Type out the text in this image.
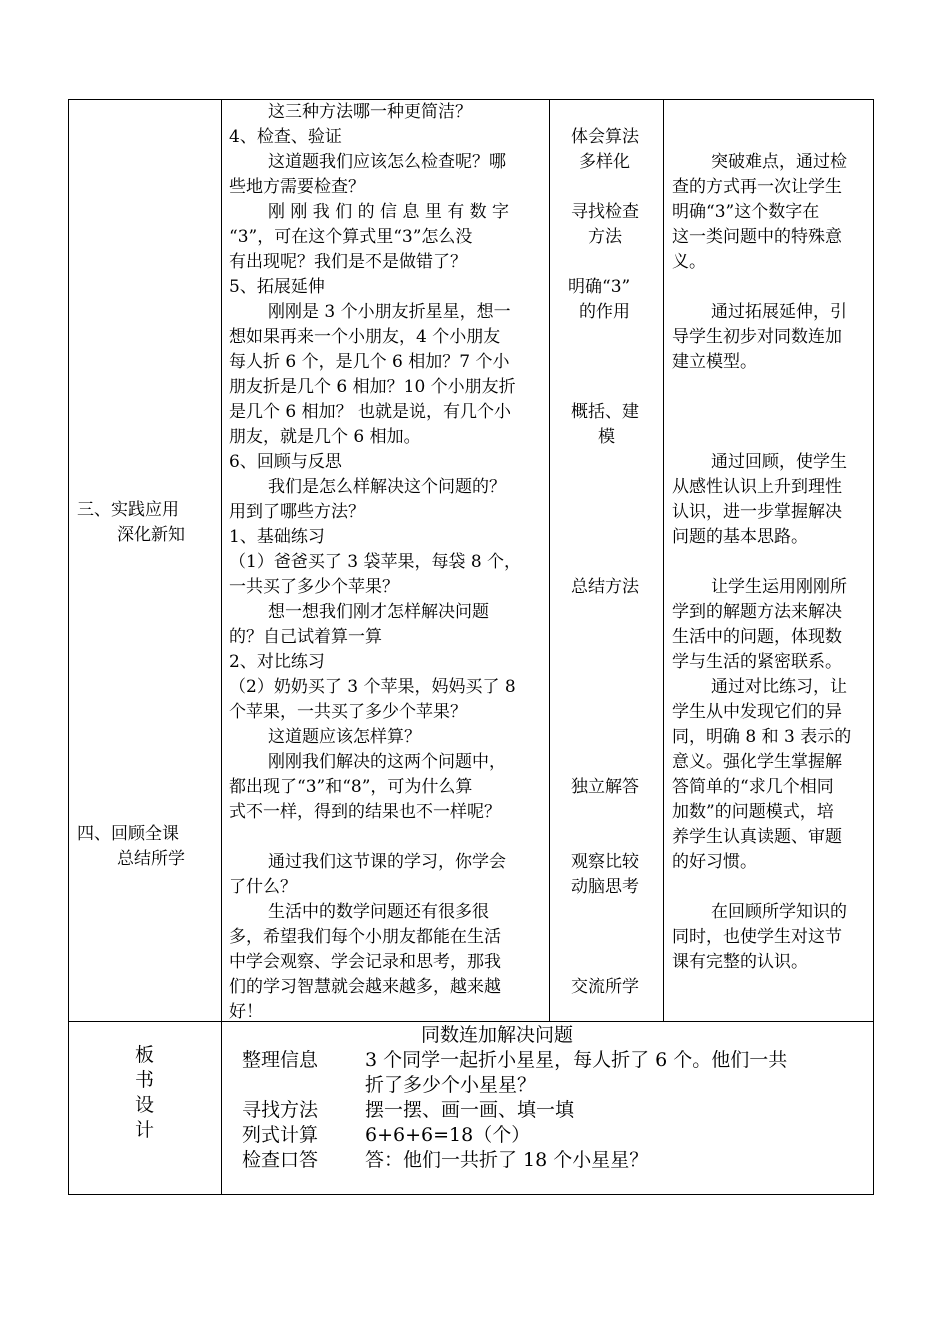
三、实践应用
深化新知
四、回顾全课
总结所学
这三种方法哪一种更简洁？
4、检查、验证
这道题我们应该怎么检查呢？哪
些地方需要检查？
刚 刚 我 们 的 信 息 里 有 数 字
“3”，可在这个算式里“3”怎么没
有出现呢？我们是不是做错了？
5、拓展延伸
刚刚是 3 个小朋友折星星，想一
想如果再来一个小朋友，4 个小朋友
每人折 6 个，是几个 6 相加？7 个小
朋友折是几个 6 相加？10 个小朋友折
是几个 6 相加？ 也就是说，有几个小
朋友，就是几个 6 相加。
6、回顾与反思
我们是怎么样解决这个问题的？
用到了哪些方法？
1、基础练习
（1）爸爸买了 3 袋苹果，每袋 8 个，
一共买了多少个苹果？
想一想我们刚才怎样解决问题
的？自己试着算一算
2、对比练习
（2）奶奶买了 3 个苹果，妈妈买了 8
个苹果，一共买了多少个苹果？
这道题应该怎样算？
刚刚我们解决的这两个问题中，
都出现了“3”和“8”，可为什么算
式不一样，得到的结果也不一样呢？
通过我们这节课的学习，你学会
了什么？
生活中的数学问题还有很多很
多，希望我们每个小朋友都能在生活
中学会观察、学会记录和思考，那我
们的学习智慧就会越来越多，越来越
好！
体会算法
多样化
寻找检查
方法
明确“3”
的作用
概括、建
模
总结方法
独立解答
观察比较
动脑思考
交流所学
突破难点，通过检
查的方式再一次让学生
明确“3”这个数字在
这一类问题中的特殊意
义。
通过拓展延伸，引
导学生初步对同数连加
建立模型。
通过回顾，使学生
从感性认识上升到理性
认识，进一步掌握解决
问题的基本思路。
让学生运用刚刚所
学到的解题方法来解决
生活中的问题，体现数
学与生活的紧密联系。
通过对比练习，让
学生从中发现它们的异
同，明确 8 和 3 表示的
意义。强化学生掌握解
答简单的“求几个相同
加数”的问题模式，培
养学生认真读题、审题
的好习惯。
在回顾所学知识的
同时，也使学生对这节
课有完整的认识。
板
书
设
计
同数连加解决问题
整理信息 3 个同学一起折小星星，每人折了 6 个。他们一共
折了多少个小星星？
寻找方法 摆一摆、画一画、填一填
列式计算 6+6+6=18（个）
检查口答 答：他们一共折了 18 个小星星？
